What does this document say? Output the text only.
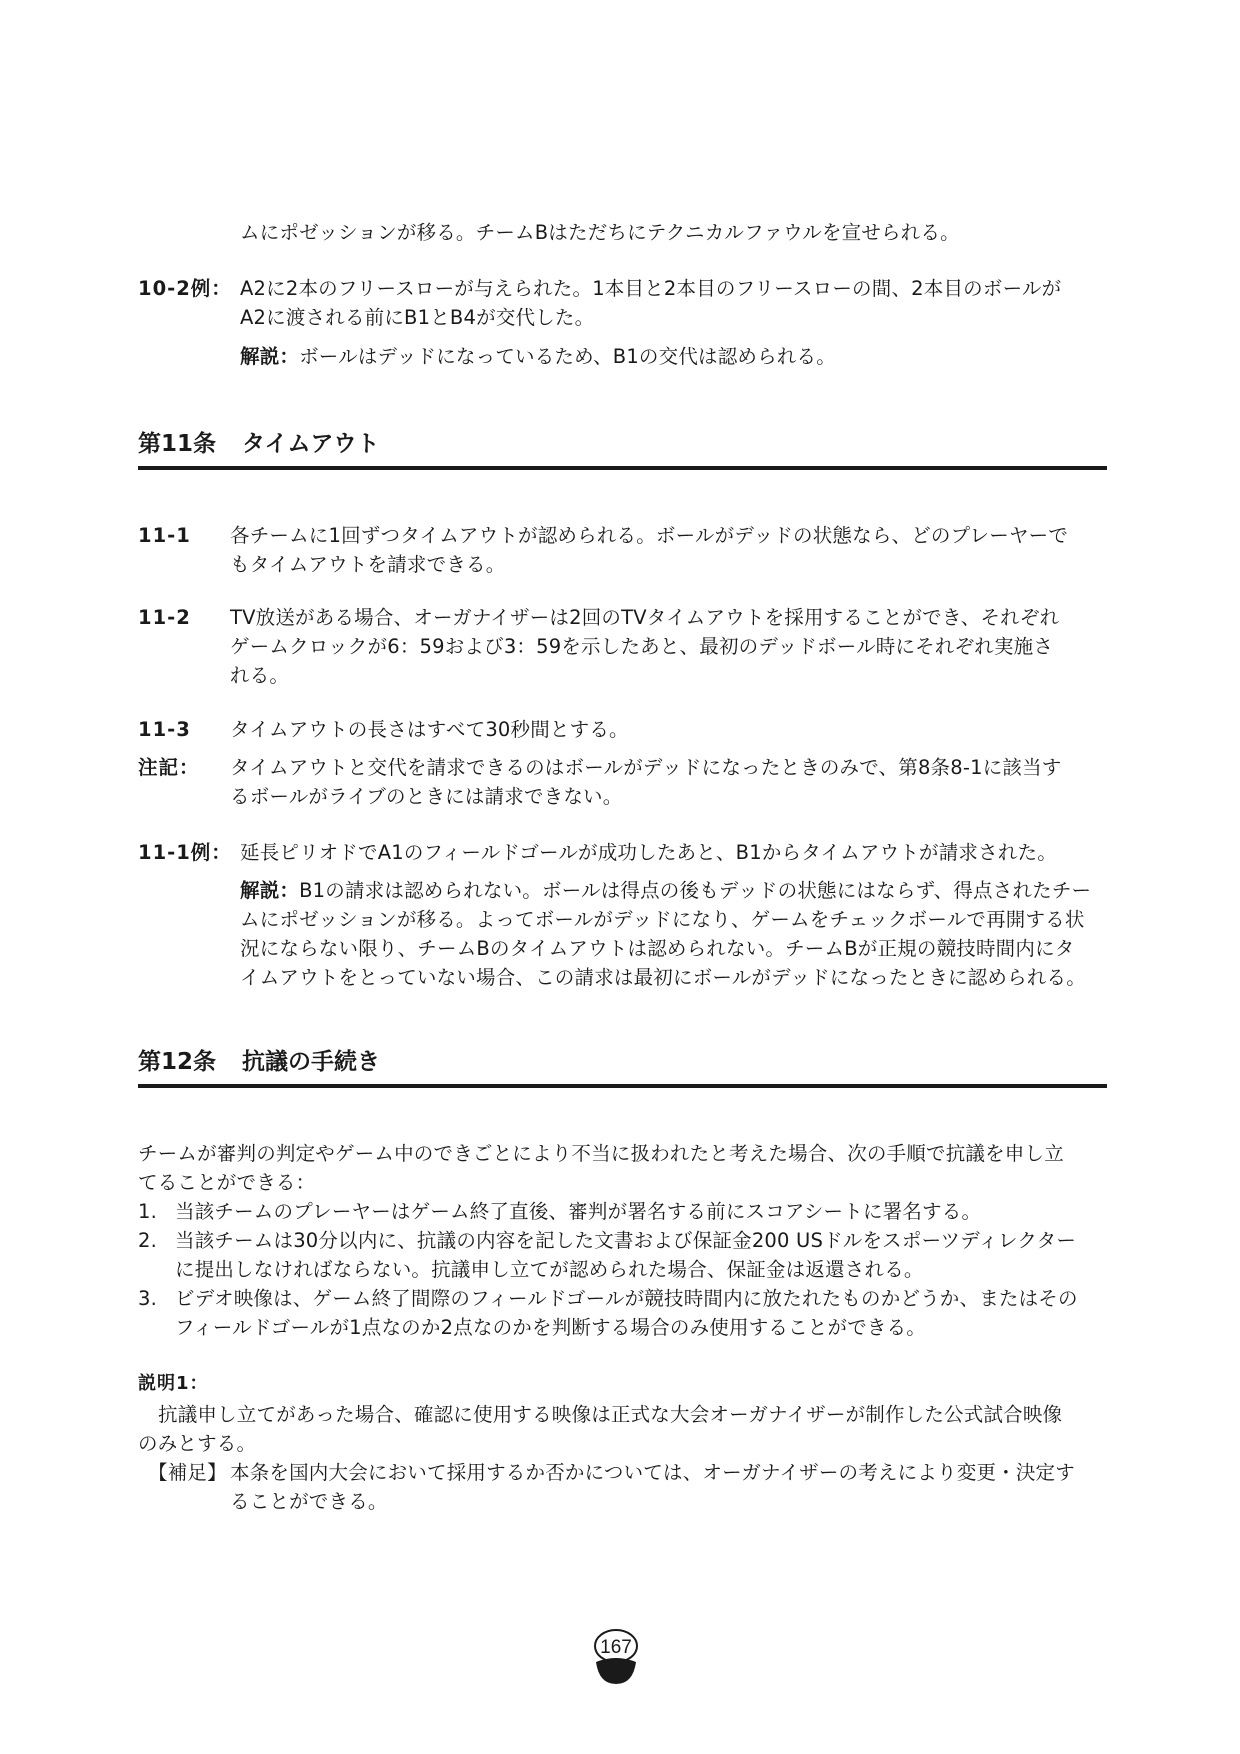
ムにポゼッションが移る。チームBはただちにテクニカルファウルを宣せられる。
10-2例： A2に2本のフリースローが与えられた。1本目と2本目のフリースローの間、2本目のボールが
A2に渡される前にB1とB4が交代した。
解説：ボールはデッドになっているため、B1の交代は認められる。
第11条 タイムアウト
11-1 各チームに1回ずつタイムアウトが認められる。ボールがデッドの状態なら、どのプレーヤーで
もタイムアウトを請求できる。
11-2 TV放送がある場合、オーガナイザーは2回のTVタイムアウトを採用することができ、それぞれ
ゲームクロックが6：59および3：59を示したあと、最初のデッドボール時にそれぞれ実施さ
れる。
11-3 タイムアウトの長さはすべて30秒間とする。
注記： タイムアウトと交代を請求できるのはボールがデッドになったときのみで、第8条8-1に該当す
るボールがライブのときには請求できない。
11-1例： 延長ピリオドでA1のフィールドゴールが成功したあと、B1からタイムアウトが請求された。
解説：B1の請求は認められない。ボールは得点の後もデッドの状態にはならず、得点されたチー
ムにポゼッションが移る。よってボールがデッドになり、ゲームをチェックボールで再開する状
況にならない限り、チームBのタイムアウトは認められない。チームBが正規の競技時間内にタ
イムアウトをとっていない場合、この請求は最初にボールがデッドになったときに認められる。
第12条 抗議の手続き
チームが審判の判定やゲーム中のできごとにより不当に扱われたと考えた場合、次の手順で抗議を申し立
てることができる：
1. 当該チームのプレーヤーはゲーム終了直後、審判が署名する前にスコアシートに署名する。
2. 当該チームは30分以内に、抗議の内容を記した文書および保証金200 USドルをスポーツディレクター
に提出しなければならない。抗議申し立てが認められた場合、保証金は返還される。
3. ビデオ映像は、ゲーム終了間際のフィールドゴールが競技時間内に放たれたものかどうか、またはその
フィールドゴールが1点なのか2点なのかを判断する場合のみ使用することができる。
説明1：
抗議申し立てがあった場合、確認に使用する映像は正式な大会オーガナイザーが制作した公式試合映像
のみとする。
【補足】 本条を国内大会において採用するか否かについては、オーガナイザーの考えにより変更・決定す
ることができる。
167
